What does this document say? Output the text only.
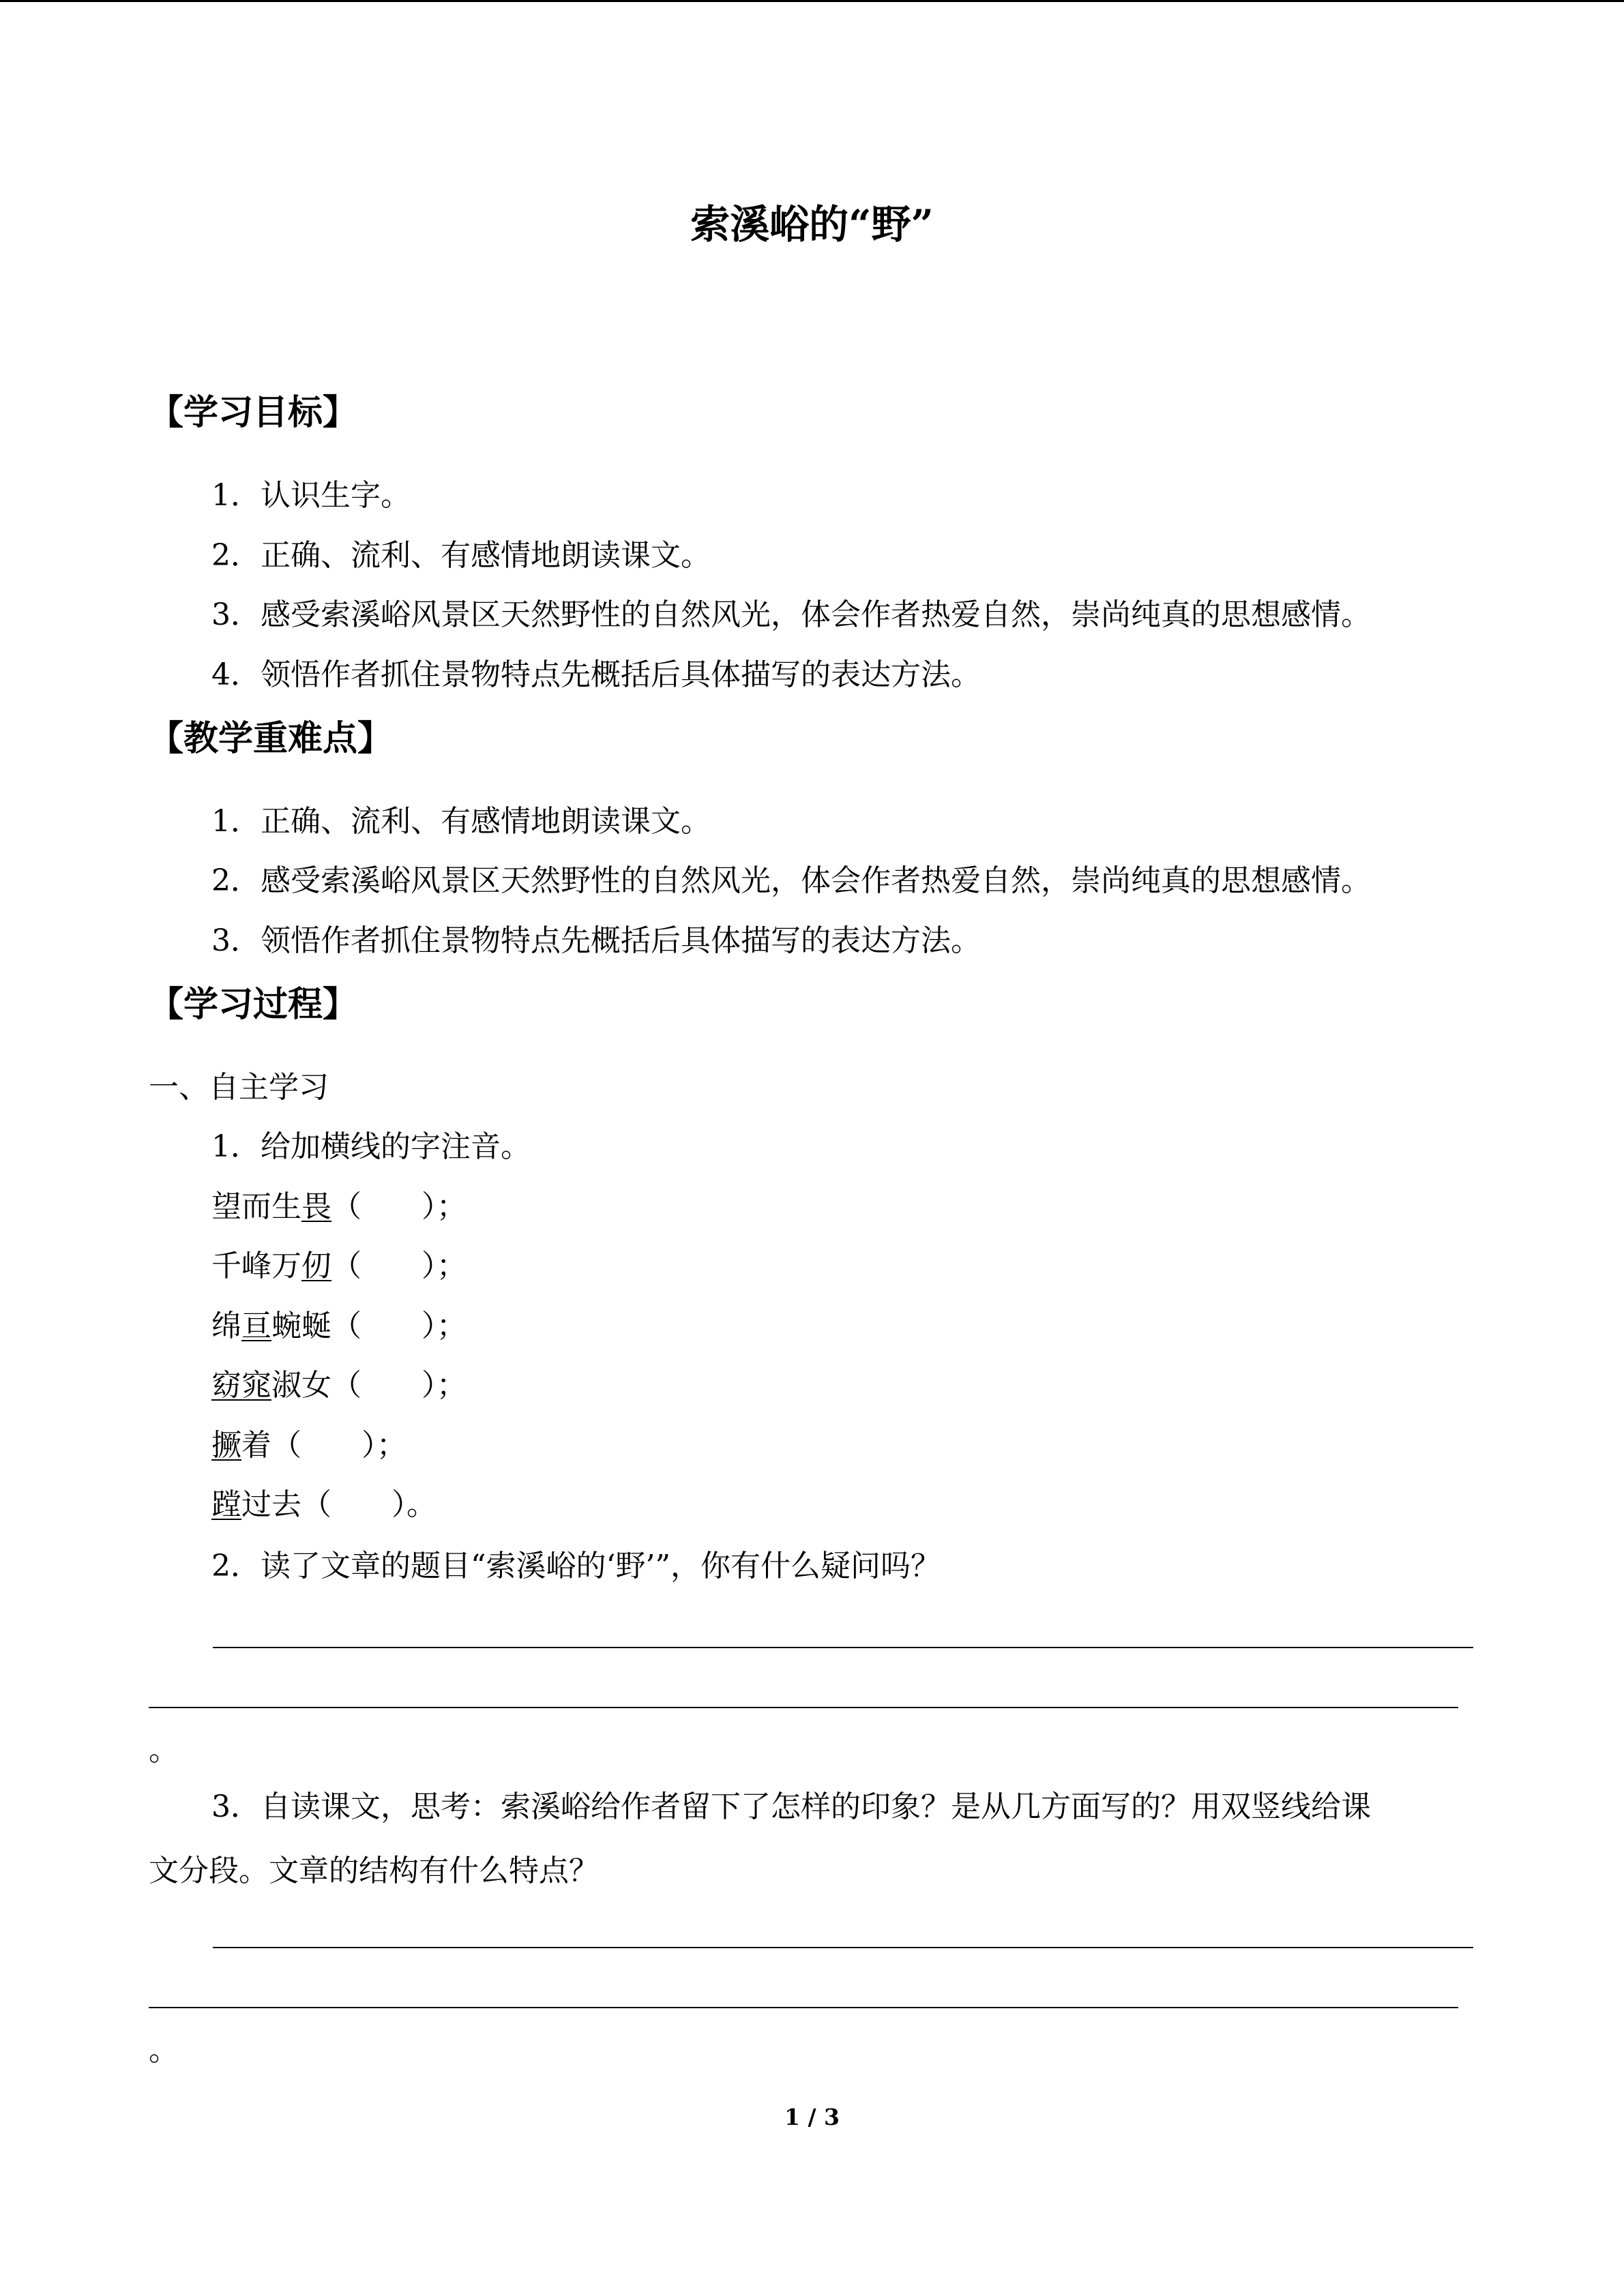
索溪峪的“野”
【学习目标】
1．认识生字。
2．正确、流利、有感情地朗读课文。
3．感受索溪峪风景区天然野性的自然风光，体会作者热爱自然，崇尚纯真的思想感情。
4．领悟作者抓住景物特点先概括后具体描写的表达方法。
【教学重难点】
1．正确、流利、有感情地朗读课文。
2．感受索溪峪风景区天然野性的自然风光，体会作者热爱自然，崇尚纯真的思想感情。
3．领悟作者抓住景物特点先概括后具体描写的表达方法。
【学习过程】
一、自主学习
1．给加横线的字注音。
望而生畏（　　）；
千峰万仞（　　）；
绵亘蜿蜒（　　）；
窈窕淑女（　　）；
撅着（　　）；
蹚过去（　　）。
2．读了文章的题目“索溪峪的‘野’”，你有什么疑问吗？
。
3．自读课文，思考：索溪峪给作者留下了怎样的印象？是从几方面写的？用双竖线给课
文分段。文章的结构有什么特点？
。
1 / 3
